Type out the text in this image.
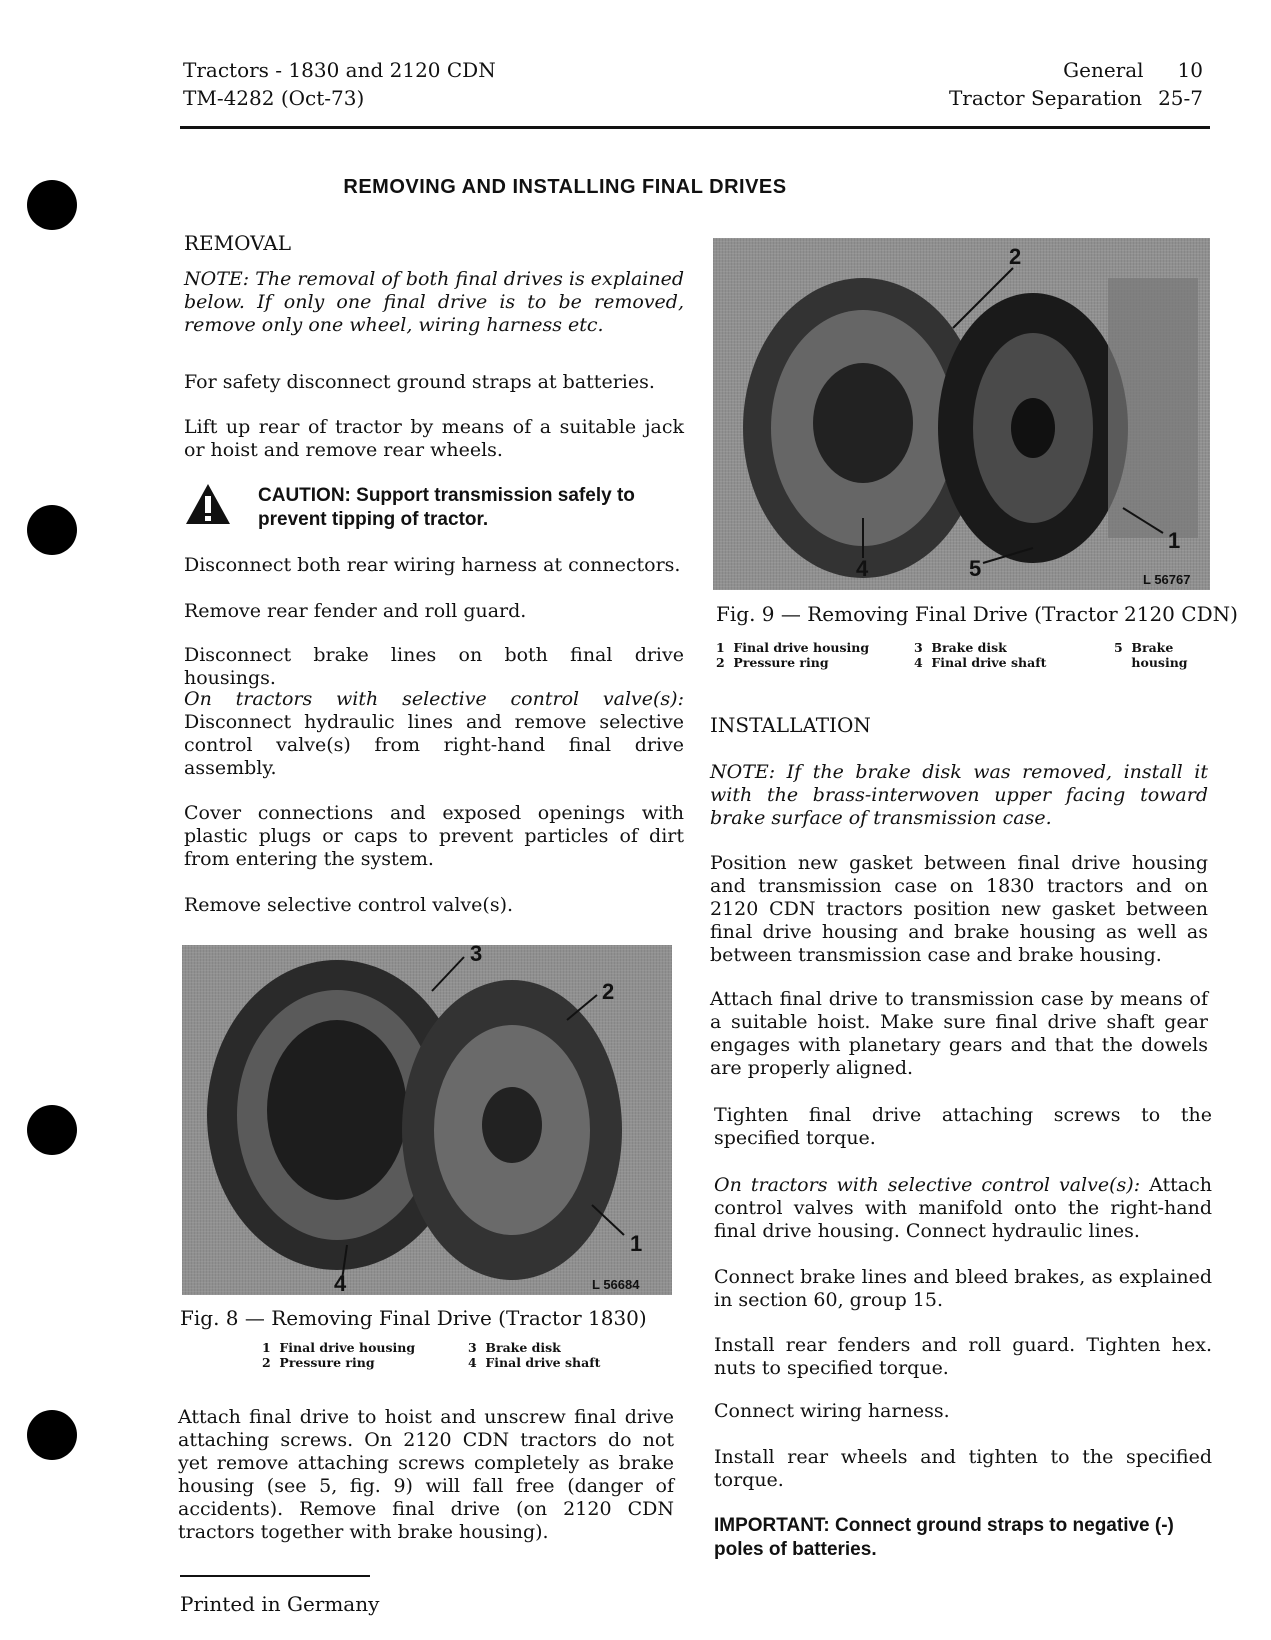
Tractors - 1830 and 2120 CDN
TM-4282 (Oct-73)
General 10
Tractor Separation 25-7
REMOVING AND INSTALLING FINAL DRIVES
REMOVAL
NOTE: The removal of both final drives is explained below. If only one final drive is to be removed, remove only one wheel, wiring harness etc.
For safety disconnect ground straps at batteries.
Lift up rear of tractor by means of a suitable jack or hoist and remove rear wheels.
CAUTION: Support transmission safely to prevent tipping of tractor.
Disconnect both rear wiring harness at connectors.
Remove rear fender and roll guard.
Disconnect brake lines on both final drive housings.
On tractors with selective control valve(s): Disconnect hydraulic lines and remove selective control valve(s) from right-hand final drive assembly.
Cover connections and exposed openings with plastic plugs or caps to prevent particles of dirt from entering the system.
Remove selective control valve(s).
3
2
1
4	L 56684
Fig. 8 — Removing Final Drive (Tractor 1830)
1 Final drive housing
2 Pressure ring
3 Brake disk
4 Final drive shaft
Attach final drive to hoist and unscrew final drive attaching screws. On 2120 CDN tractors do not yet remove attaching screws completely as brake housing (see 5, fig. 9) will fall free (danger of accidents). Remove final drive (on 2120 CDN tractors together with brake housing).
Printed in Germany
2
4	5
1
L 56767
Fig. 9 — Removing Final Drive (Tractor 2120 CDN)
1 Final drive housing
2 Pressure ring
3 Brake disk
4 Final drive shaft
5
Brake housing
INSTALLATION
NOTE: If the brake disk was removed, install it with the brass-interwoven upper facing toward brake surface of transmission case.
Position new gasket between final drive housing and transmission case on 1830 tractors and on 2120 CDN tractors position new gasket between final drive housing and brake housing as well as between transmission case and brake housing.
Attach final drive to transmission case by means of a suitable hoist. Make sure final drive shaft gear engages with planetary gears and that the dowels are properly aligned.
Tighten final drive attaching screws to the specified torque.
On tractors with selective control valve(s): Attach control valves with manifold onto the right-hand final drive housing. Connect hydraulic lines.
Connect brake lines and bleed brakes, as explained in section 60, group 15.
Install rear fenders and roll guard. Tighten hex. nuts to specified torque.
Connect wiring harness.
Install rear wheels and tighten to the specified torque.
IMPORTANT: Connect ground straps to negative (-) poles of batteries.
